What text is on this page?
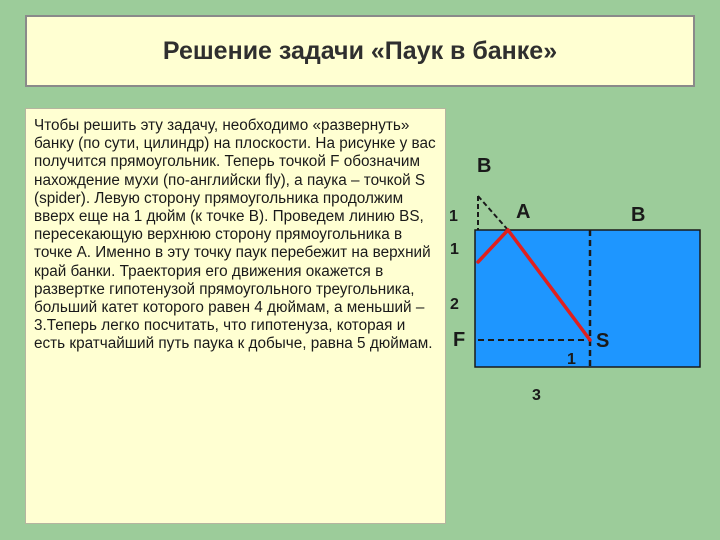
Решение задачи «Паук в банке»

Чтобы решить эту задачу, необходимо «развернуть» банку (по сути, цилиндр) на плоскости. На рисунке у вас получится прямоугольник. Теперь точкой F обозначим нахождение мухи (по-английски fly), а паука – точкой S (spider). Левую сторону прямоугольника продолжим вверх еще на 1 дюйм (к точке B). Проведем линию BS, пересекающую верхнюю сторону прямоугольника в точке A. Именно в эту точку паук перебежит на верхний край банки. Траектория его движения окажется в развертке гипотенузой прямоугольного треугольника, больший катет которого равен 4 дюймам, а меньший – 3.Теперь легко посчитать, что гипотенуза, которая и есть кратчайший путь паука к добыче, равна 5 дюймам.

B
A	B
F	S
1
1
2
1
3
